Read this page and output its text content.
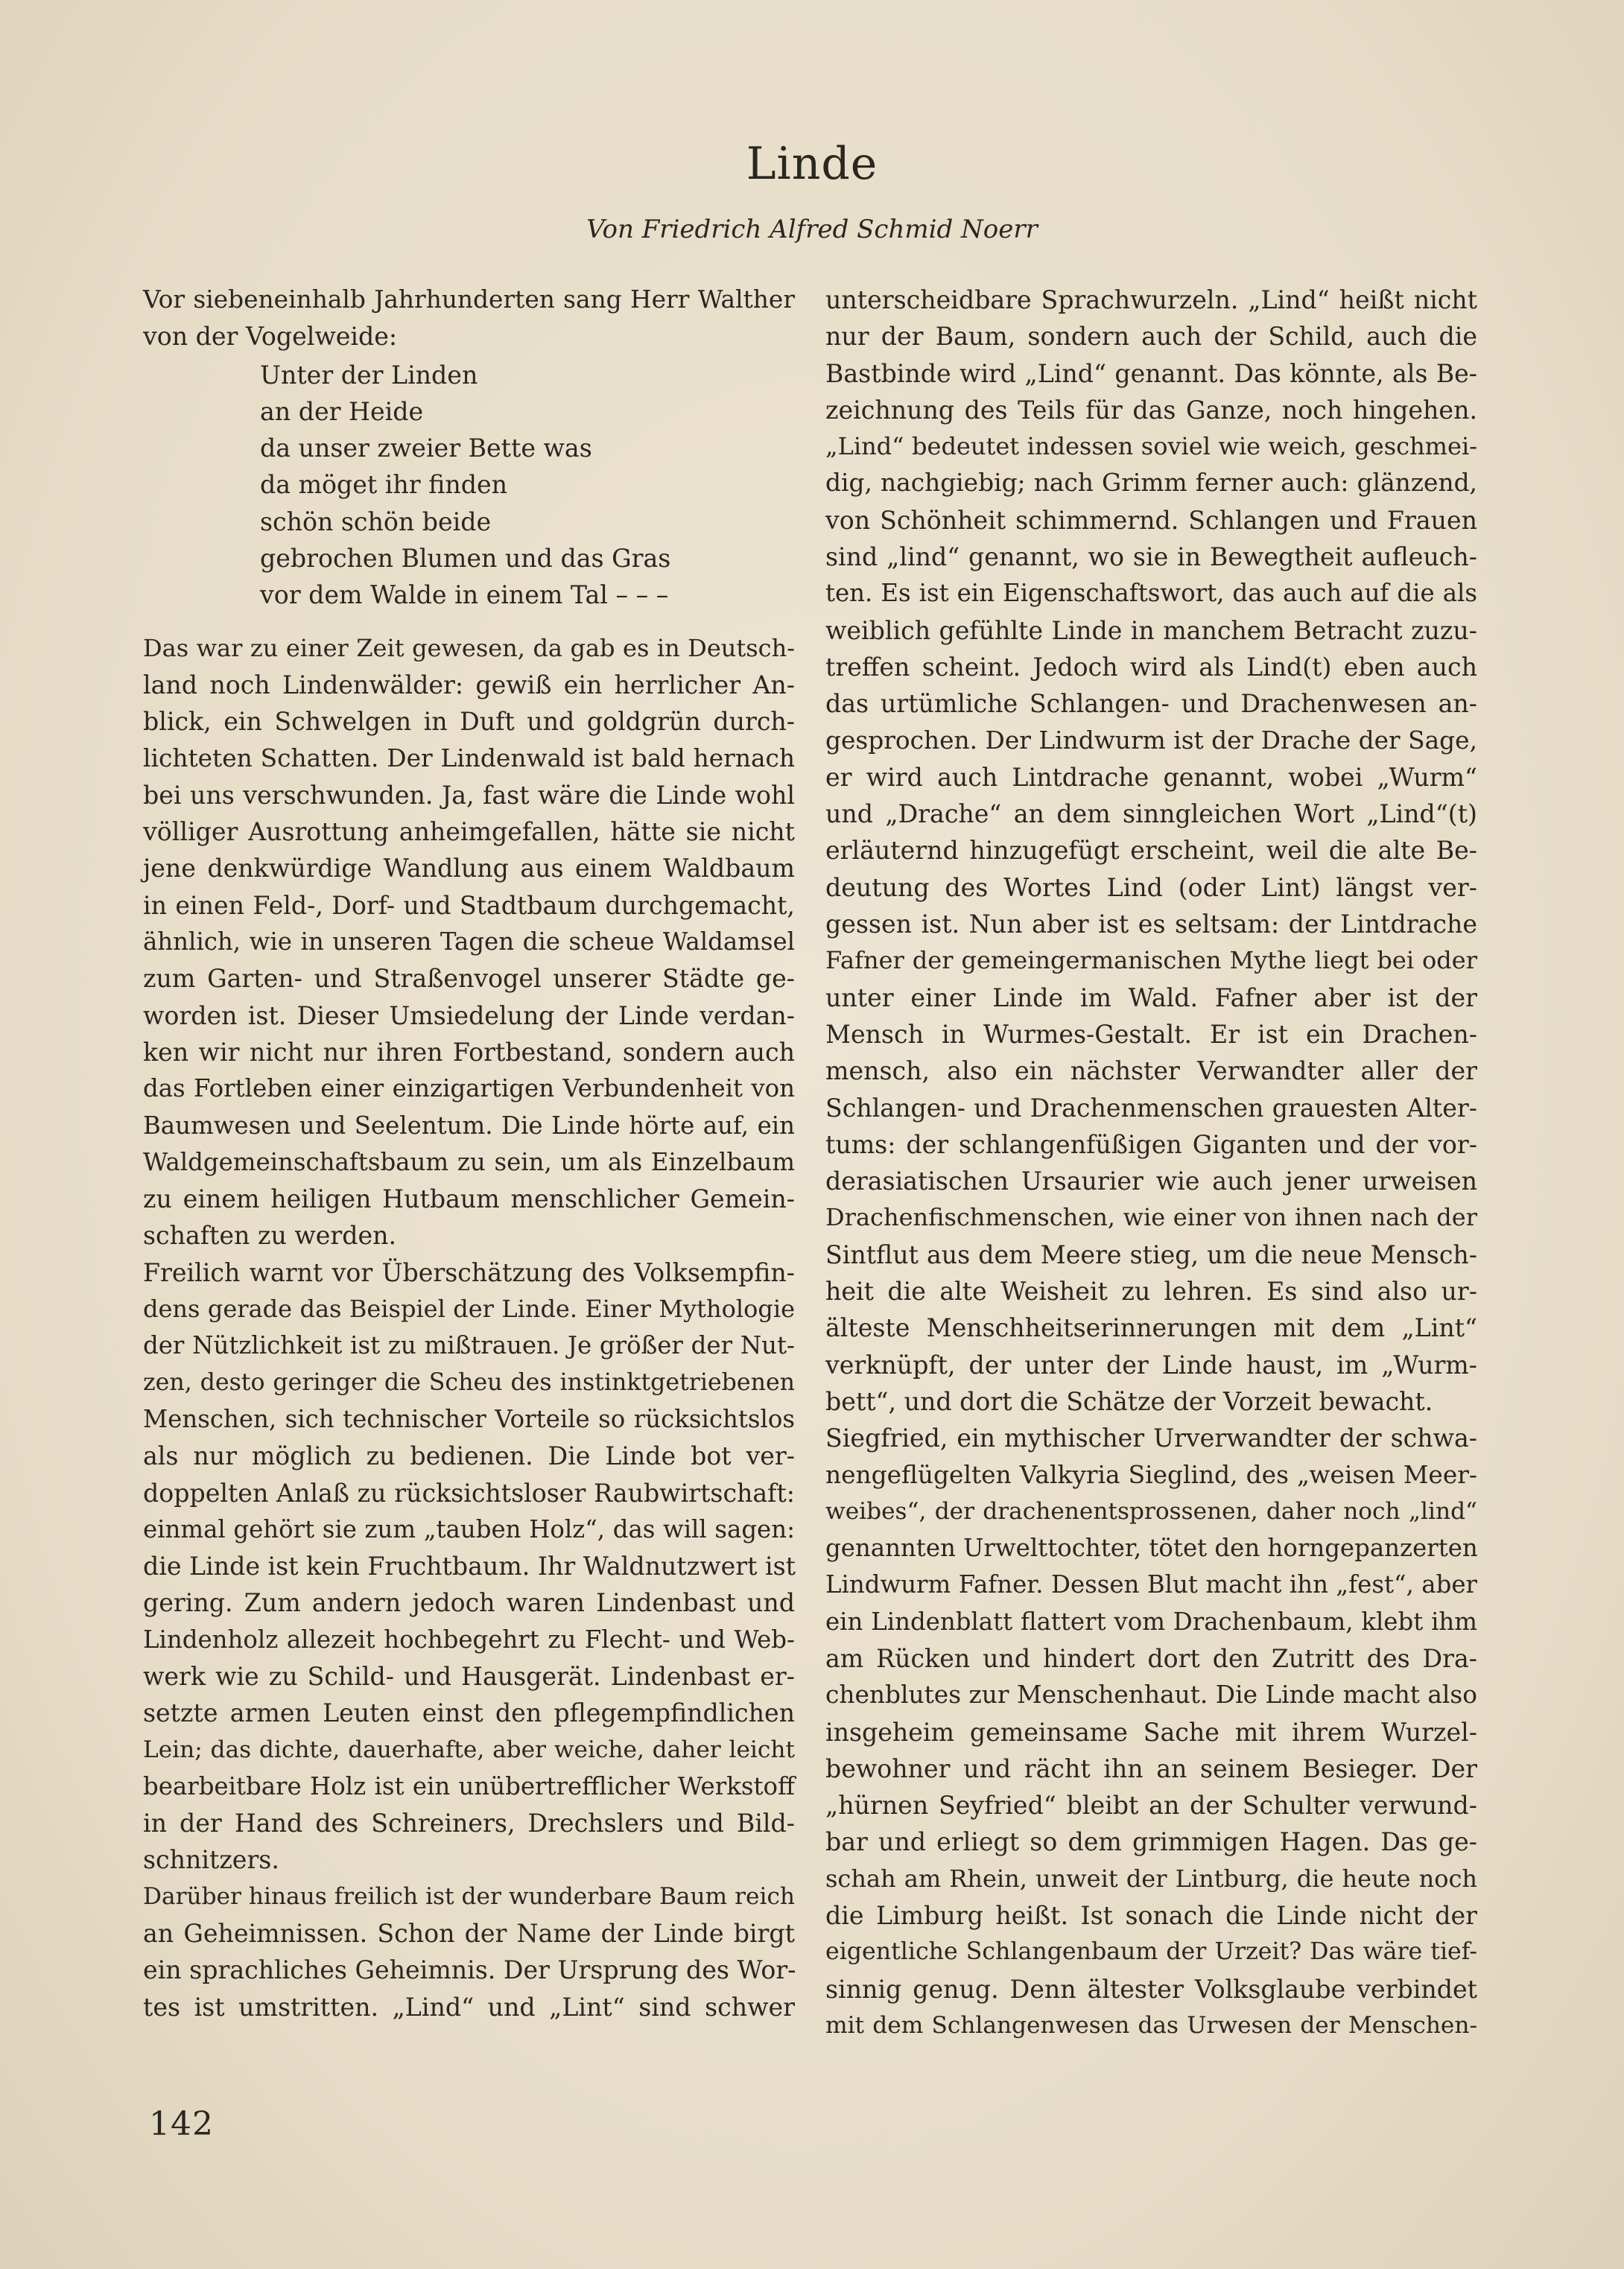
Linde
Von Friedrich Alfred Schmid Noerr
Vor siebeneinhalb Jahrhunderten sang Herr Walther
von der Vogelweide:
Unter der Linden
an der Heide
da unser zweier Bette was
da möget ihr finden
schön schön beide
gebrochen Blumen und das Gras
vor dem Walde in einem Tal – – –
Das war zu einer Zeit gewesen, da gab es in Deutsch-
land noch Lindenwälder: gewiß ein herrlicher An-
blick, ein Schwelgen in Duft und goldgrün durch-
lichteten Schatten. Der Lindenwald ist bald hernach
bei uns verschwunden. Ja, fast wäre die Linde wohl
völliger Ausrottung anheimgefallen, hätte sie nicht
jene denkwürdige Wandlung aus einem Waldbaum
in einen Feld-, Dorf- und Stadtbaum durchgemacht,
ähnlich, wie in unseren Tagen die scheue Waldamsel
zum Garten- und Straßenvogel unserer Städte ge-
worden ist. Dieser Umsiedelung der Linde verdan-
ken wir nicht nur ihren Fortbestand, sondern auch
das Fortleben einer einzigartigen Verbundenheit von
Baumwesen und Seelentum. Die Linde hörte auf, ein
Waldgemeinschaftsbaum zu sein, um als Einzelbaum
zu einem heiligen Hutbaum menschlicher Gemein-
schaften zu werden.
Freilich warnt vor Überschätzung des Volksempfin-
dens gerade das Beispiel der Linde. Einer Mythologie
der Nützlichkeit ist zu mißtrauen. Je größer der Nut-
zen, desto geringer die Scheu des instinktgetriebenen
Menschen, sich technischer Vorteile so rücksichtslos
als nur möglich zu bedienen. Die Linde bot ver-
doppelten Anlaß zu rücksichtsloser Raubwirtschaft:
einmal gehört sie zum „tauben Holz“, das will sagen:
die Linde ist kein Fruchtbaum. Ihr Waldnutzwert ist
gering. Zum andern jedoch waren Lindenbast und
Lindenholz allezeit hochbegehrt zu Flecht- und Web-
werk wie zu Schild- und Hausgerät. Lindenbast er-
setzte armen Leuten einst den pflegempfindlichen
Lein; das dichte, dauerhafte, aber weiche, daher leicht
bearbeitbare Holz ist ein unübertrefflicher Werkstoff
in der Hand des Schreiners, Drechslers und Bild-
schnitzers.
Darüber hinaus freilich ist der wunderbare Baum reich
an Geheimnissen. Schon der Name der Linde birgt
ein sprachliches Geheimnis. Der Ursprung des Wor-
tes ist umstritten. „Lind“ und „Lint“ sind schwer
unterscheidbare Sprachwurzeln. „Lind“ heißt nicht
nur der Baum, sondern auch der Schild, auch die
Bastbinde wird „Lind“ genannt. Das könnte, als Be-
zeichnung des Teils für das Ganze, noch hingehen.
„Lind“ bedeutet indessen soviel wie weich, geschmei-
dig, nachgiebig; nach Grimm ferner auch: glänzend,
von Schönheit schimmernd. Schlangen und Frauen
sind „lind“ genannt, wo sie in Bewegtheit aufleuch-
ten. Es ist ein Eigenschaftswort, das auch auf die als
weiblich gefühlte Linde in manchem Betracht zuzu-
treffen scheint. Jedoch wird als Lind(t) eben auch
das urtümliche Schlangen- und Drachenwesen an-
gesprochen. Der Lindwurm ist der Drache der Sage,
er wird auch Lintdrache genannt, wobei „Wurm“
und „Drache“ an dem sinngleichen Wort „Lind“(t)
erläuternd hinzugefügt erscheint, weil die alte Be-
deutung des Wortes Lind (oder Lint) längst ver-
gessen ist. Nun aber ist es seltsam: der Lintdrache
Fafner der gemeingermanischen Mythe liegt bei oder
unter einer Linde im Wald. Fafner aber ist der
Mensch in Wurmes-Gestalt. Er ist ein Drachen-
mensch, also ein nächster Verwandter aller der
Schlangen- und Drachenmenschen grauesten Alter-
tums: der schlangenfüßigen Giganten und der vor-
derasiatischen Ursaurier wie auch jener urweisen
Drachenfischmenschen, wie einer von ihnen nach der
Sintflut aus dem Meere stieg, um die neue Mensch-
heit die alte Weisheit zu lehren. Es sind also ur-
älteste Menschheitserinnerungen mit dem „Lint“
verknüpft, der unter der Linde haust, im „Wurm-
bett“, und dort die Schätze der Vorzeit bewacht.
Siegfried, ein mythischer Urverwandter der schwa-
nengeflügelten Valkyria Sieglind, des „weisen Meer-
weibes“, der drachenentsprossenen, daher noch „lind“
genannten Urwelttochter, tötet den horngepanzerten
Lindwurm Fafner. Dessen Blut macht ihn „fest“, aber
ein Lindenblatt flattert vom Drachenbaum, klebt ihm
am Rücken und hindert dort den Zutritt des Dra-
chenblutes zur Menschenhaut. Die Linde macht also
insgeheim gemeinsame Sache mit ihrem Wurzel-
bewohner und rächt ihn an seinem Besieger. Der
„hürnen Seyfried“ bleibt an der Schulter verwund-
bar und erliegt so dem grimmigen Hagen. Das ge-
schah am Rhein, unweit der Lintburg, die heute noch
die Limburg heißt. Ist sonach die Linde nicht der
eigentliche Schlangenbaum der Urzeit? Das wäre tief-
sinnig genug. Denn ältester Volksglaube verbindet
mit dem Schlangenwesen das Urwesen der Menschen-
142
